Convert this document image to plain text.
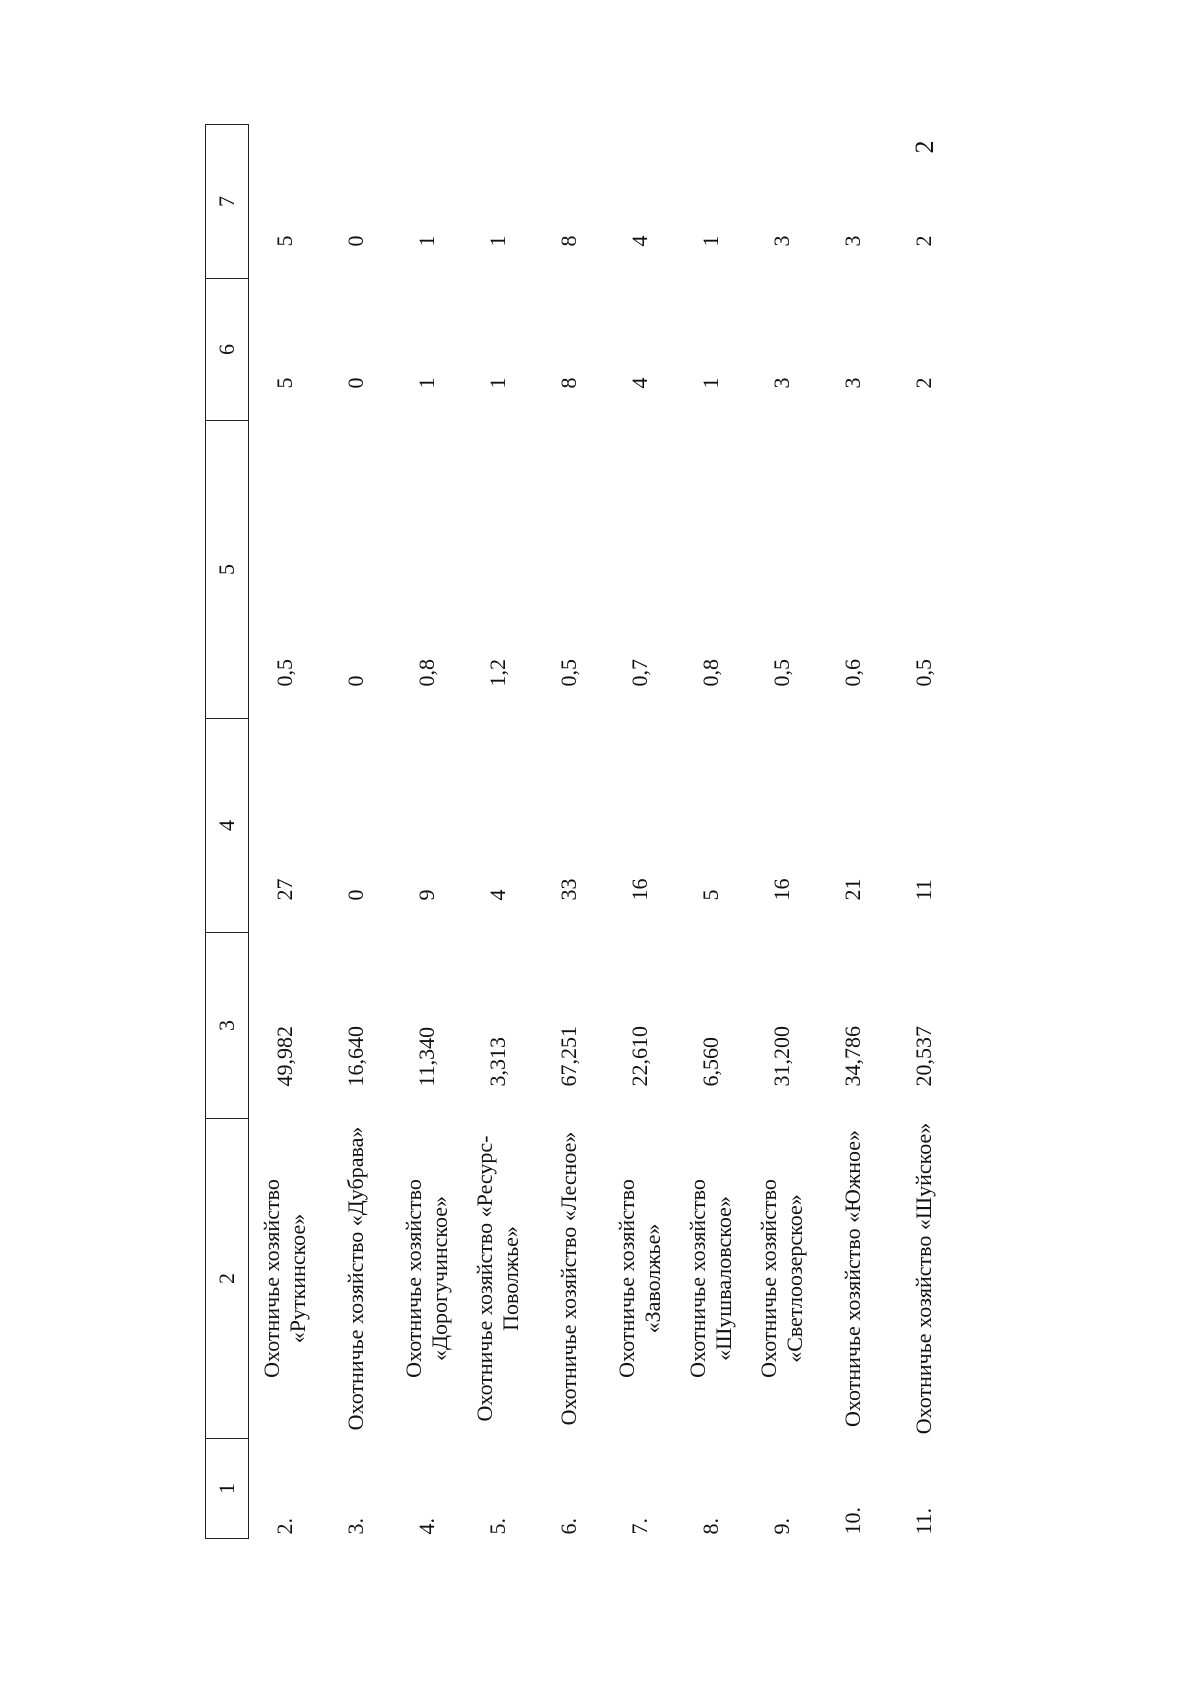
2
1	2	3	4	5	6	7
2.	Охотничье хозяйство «Руткинское»	49,982	27	0,5	5	5
3.	Охотничье хозяйство «Дубрава»	16,640	0	0	0	0
4.	Охотничье хозяйство «Дорогучинское»	11,340	9	0,8	1	1
5.	Охотничье хозяйство «Ресурс-Поволжье»	3,313	4	1,2	1	1
6.	Охотничье хозяйство «Лесное»	67,251	33	0,5	8	8
7.	Охотничье хозяйство «Заволжье»	22,610	16	0,7	4	4
8.	Охотничье хозяйство «Шушваловское»	6,560	5	0,8	1	1
9.	Охотничье хозяйство «Светлоозерское»	31,200	16	0,5	3	3
10.	Охотничье хозяйство «Южное»	34,786	21	0,6	3	3
11.	Охотничье хозяйство «Шуйское»	20,537	11	0,5	2	2
